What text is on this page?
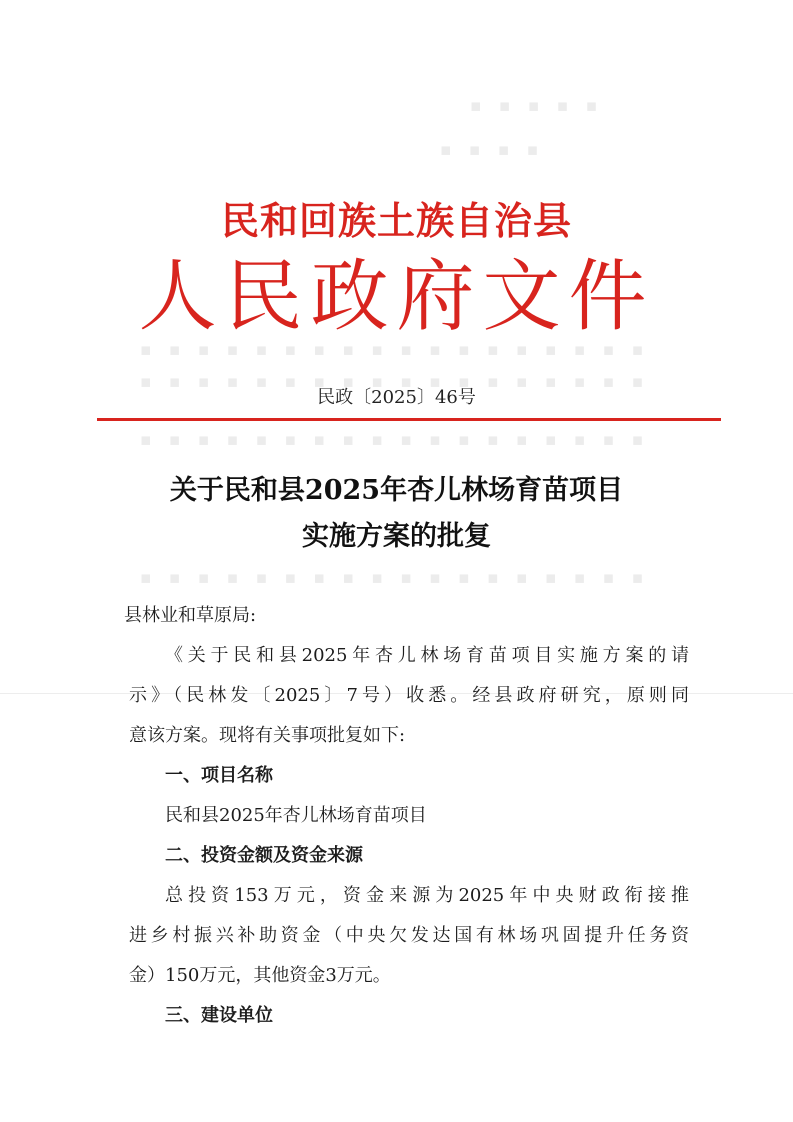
▪ ▪ ▪ ▪ ▪
▪ ▪ ▪ ▪
▪ ▪ ▪ ▪ ▪ ▪ ▪ ▪ ▪ ▪ ▪ ▪ ▪ ▪ ▪ ▪ ▪ ▪
▪ ▪ ▪ ▪ ▪ ▪ ▪ ▪ ▪ ▪ ▪ ▪ ▪ ▪ ▪ ▪ ▪ ▪
▪ ▪ ▪ ▪ ▪ ▪ ▪ ▪ ▪ ▪ ▪ ▪ ▪ ▪ ▪ ▪ ▪ ▪
▪ ▪ ▪ ▪ ▪ ▪ ▪ ▪ ▪ ▪ ▪ ▪ ▪ ▪ ▪ ▪ ▪ ▪
民和回族土族自治县
人民政府文件
民政〔2025〕46号
关于民和县2025年杏儿林场育苗项目
实施方案的批复
县林业和草原局:
《关于民和县2025年杏儿林场育苗项目实施方案的请
示》（民林发〔2025〕7号）收悉。经县政府研究，原则同
意该方案。现将有关事项批复如下:
一、项目名称
民和县2025年杏儿林场育苗项目
二、投资金额及资金来源
总投资153万元，资金来源为2025年中央财政衔接推
进乡村振兴补助资金（中央欠发达国有林场巩固提升任务资
金）150万元，其他资金3万元。
三、建设单位
